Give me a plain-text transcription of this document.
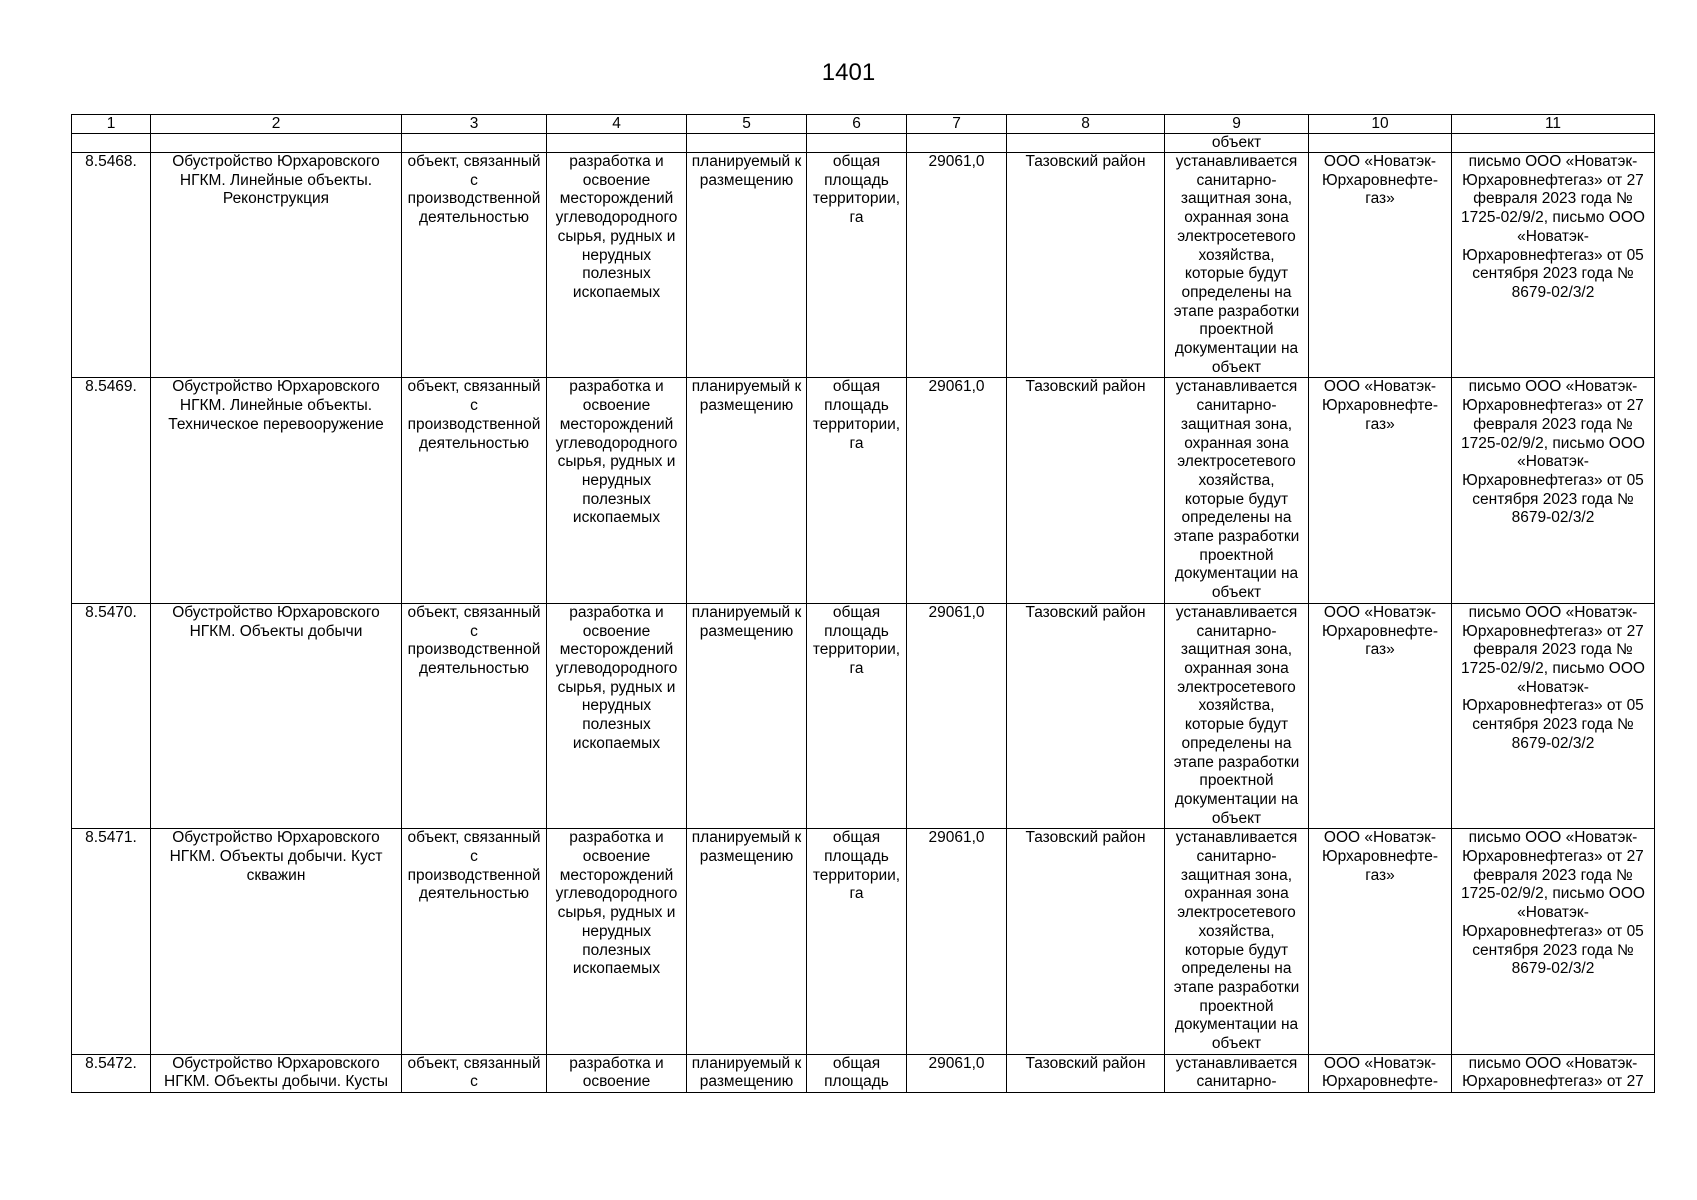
1401
1	2	3	4	5	6	7	8	9	10	11
								объект		
8.5468.	Обустройство Юрхаровского НГКМ. Линейные объекты. Реконструкция	объект, связанный с производственной деятельностью	разработка и освоение месторождений углеводородного сырья, рудных и нерудных полезных ископаемых	планируемый к размещению	общая площадь территории, га	29061,0	Тазовский район	устанавливается санитарно-защитная зона, охранная зона электросетевого хозяйства, которые будут определены на этапе разработки проектной документации на объект	ООО «Новатэк-Юрхаровнефте-газ»	письмо ООО «Новатэк-Юрхаровнефтегаз» от 27 февраля 2023 года № 1725-02/9/2, письмо ООО «Новатэк-Юрхаровнефтегаз» от 05 сентября 2023 года № 8679-02/3/2
8.5469.	Обустройство Юрхаровского НГКМ. Линейные объекты. Техническое перевооружение	объект, связанный с производственной деятельностью	разработка и освоение месторождений углеводородного сырья, рудных и нерудных полезных ископаемых	планируемый к размещению	общая площадь территории, га	29061,0	Тазовский район	устанавливается санитарно-защитная зона, охранная зона электросетевого хозяйства, которые будут определены на этапе разработки проектной документации на объект	ООО «Новатэк-Юрхаровнефте-газ»	письмо ООО «Новатэк-Юрхаровнефтегаз» от 27 февраля 2023 года № 1725-02/9/2, письмо ООО «Новатэк-Юрхаровнефтегаз» от 05 сентября 2023 года № 8679-02/3/2
8.5470.	Обустройство Юрхаровского НГКМ. Объекты добычи	объект, связанный с производственной деятельностью	разработка и освоение месторождений углеводородного сырья, рудных и нерудных полезных ископаемых	планируемый к размещению	общая площадь территории, га	29061,0	Тазовский район	устанавливается санитарно-защитная зона, охранная зона электросетевого хозяйства, которые будут определены на этапе разработки проектной документации на объект	ООО «Новатэк-Юрхаровнефте-газ»	письмо ООО «Новатэк-Юрхаровнефтегаз» от 27 февраля 2023 года № 1725-02/9/2, письмо ООО «Новатэк-Юрхаровнефтегаз» от 05 сентября 2023 года № 8679-02/3/2
8.5471.	Обустройство Юрхаровского НГКМ. Объекты добычи. Куст скважин	объект, связанный с производственной деятельностью	разработка и освоение месторождений углеводородного сырья, рудных и нерудных полезных ископаемых	планируемый к размещению	общая площадь территории, га	29061,0	Тазовский район	устанавливается санитарно-защитная зона, охранная зона электросетевого хозяйства, которые будут определены на этапе разработки проектной документации на объект	ООО «Новатэк-Юрхаровнефте-газ»	письмо ООО «Новатэк-Юрхаровнефтегаз» от 27 февраля 2023 года № 1725-02/9/2, письмо ООО «Новатэк-Юрхаровнефтегаз» от 05 сентября 2023 года № 8679-02/3/2
8.5472.	Обустройство Юрхаровского НГКМ. Объекты добычи. Кусты	объект, связанный с	разработка и освоение	планируемый к размещению	общая площадь	29061,0	Тазовский район	устанавливается санитарно-	ООО «Новатэк-Юрхаровнефте-	письмо ООО «Новатэк-Юрхаровнефтегаз» от 27
